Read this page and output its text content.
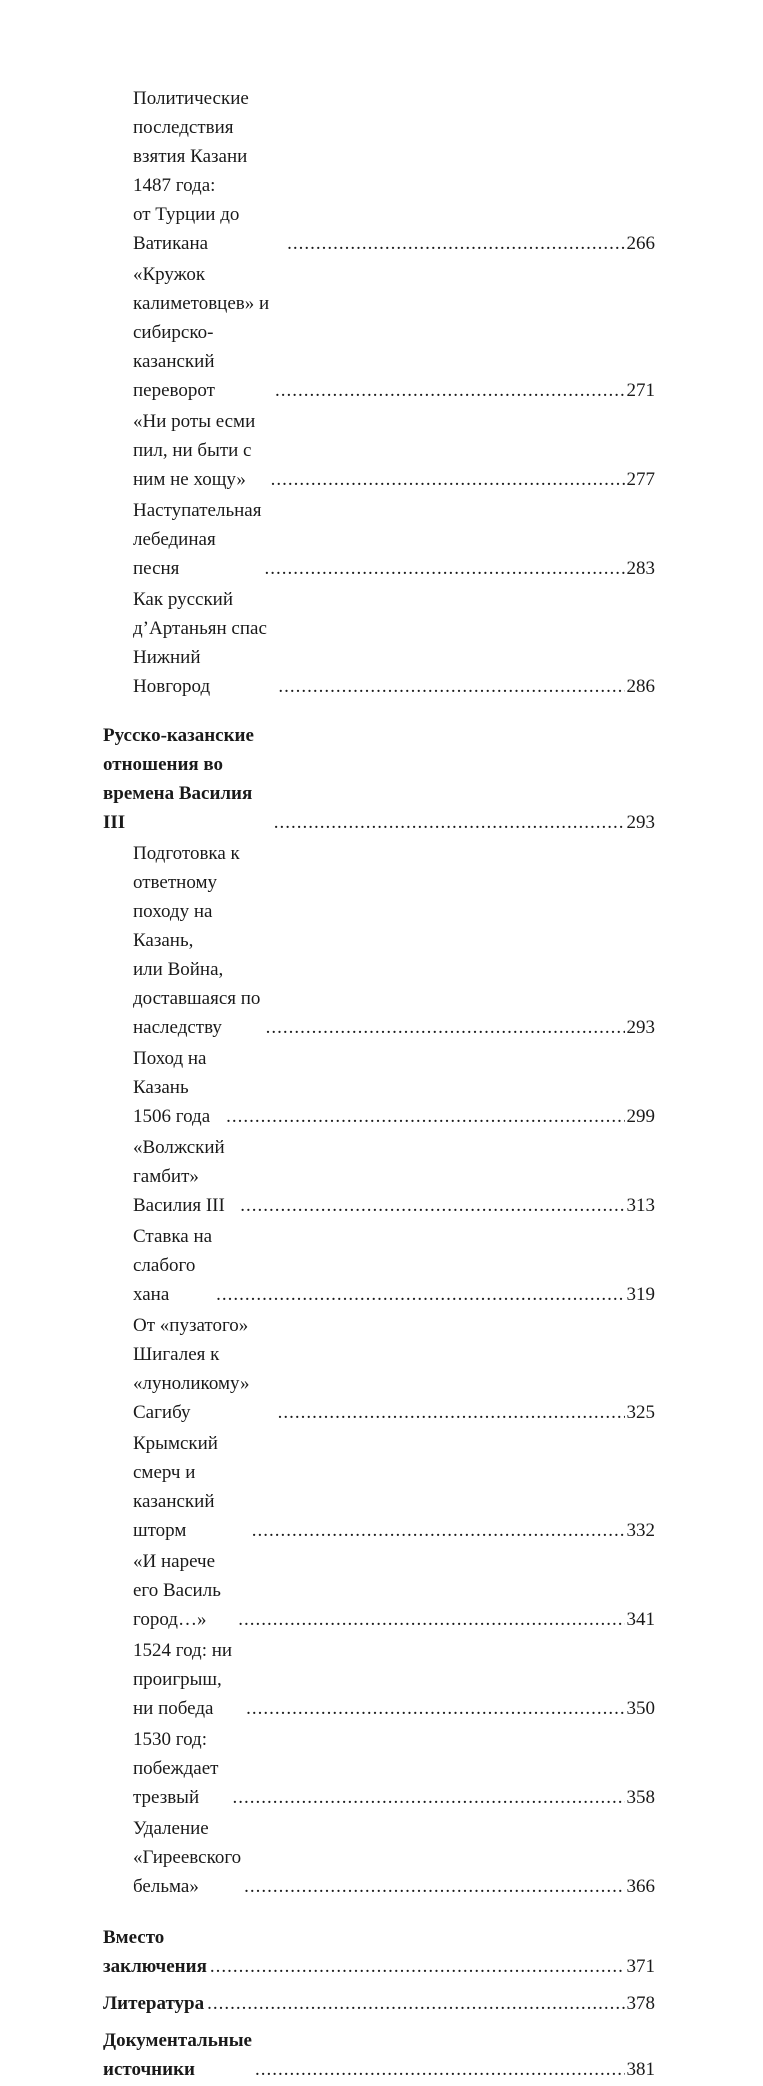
Политические последствия взятия Казани 1487 года:
от Турции до Ватикана .....	266
«Кружок калиметовцев» и сибирско-казанский
переворот .....	271
«Ни роты есми пил, ни быти с ним не хощу» .....	277
Наступательная лебединая песня .....	283
Как русский д’Артаньян спас Нижний Новгород .....	286
Русско-казанские отношения во времена Василия III .....	293
Подготовка к ответному походу на Казань,
или Война, доставшаяся по наследству .....	293
Поход на Казань 1506 года .....	299
«Волжский гамбит» Василия III .....	313
Ставка на слабого хана .....	319
От «пузатого» Шигалея к «луноликому» Сагибу .....	325
Крымский смерч и казанский шторм .....	332
«И нарече его Василь город…» .....	341
1524 год: ни проигрыш, ни победа .....	350
1530 год: побеждает трезвый .....	358
Удаление «Гиреевского бельма» .....	366
Вместо заключения .....	371
Литература .....	378
Документальные источники .....	381
